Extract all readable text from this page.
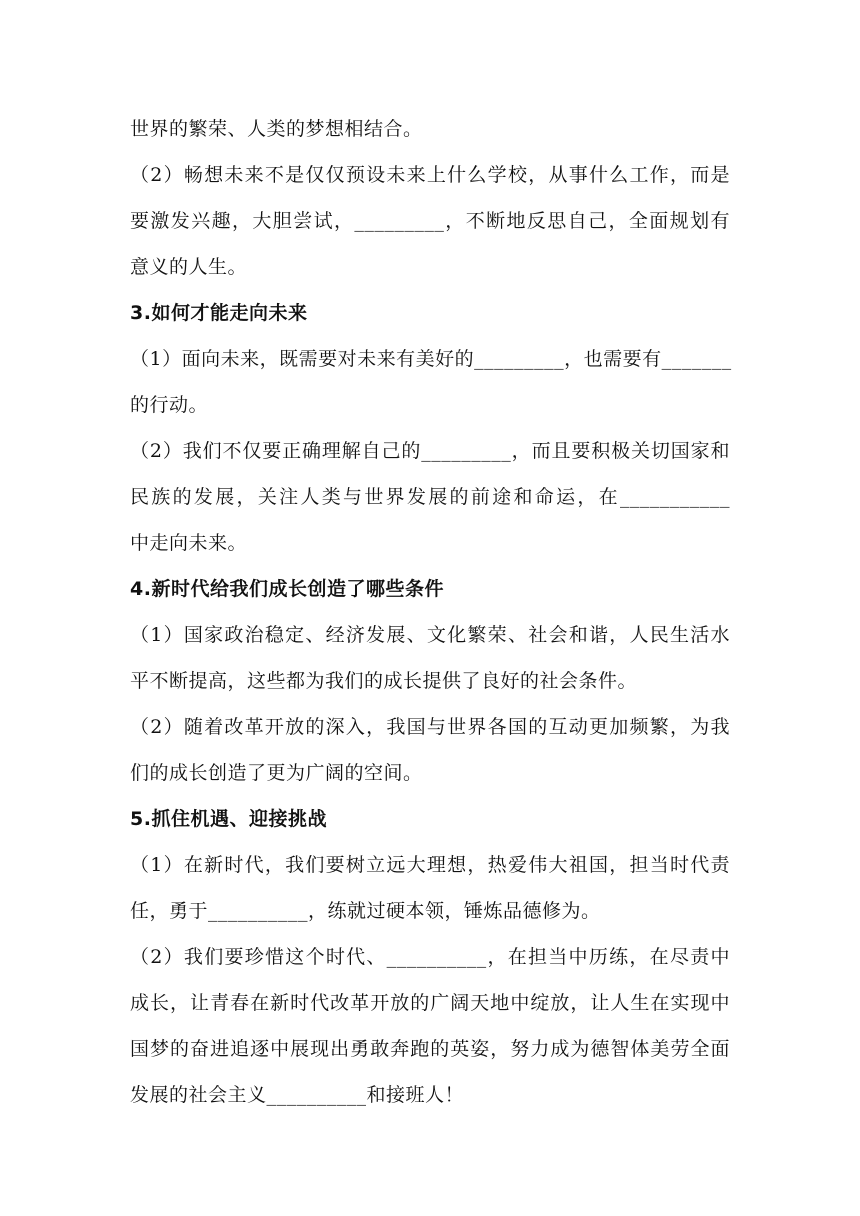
世界的繁荣、人类的梦想相结合。
（2）畅想未来不是仅仅预设未来上什么学校，从事什么工作，而是
要激发兴趣，大胆尝试，_________，不断地反思自己，全面规划有
意义的人生。
3.如何才能走向未来
（1）面向未来，既需要对未来有美好的_________，也需要有_______
的行动。
（2）我们不仅要正确理解自己的_________，而且要积极关切国家和
民族的发展，关注人类与世界发展的前途和命运，在___________
中走向未来。
4.新时代给我们成长创造了哪些条件
（1）国家政治稳定、经济发展、文化繁荣、社会和谐，人民生活水
平不断提高，这些都为我们的成长提供了良好的社会条件。
（2）随着改革开放的深入，我国与世界各国的互动更加频繁，为我
们的成长创造了更为广阔的空间。
5.抓住机遇、迎接挑战
（1）在新时代，我们要树立远大理想，热爱伟大祖国，担当时代责
任，勇于__________，练就过硬本领，锤炼品德修为。
（2）我们要珍惜这个时代、__________，在担当中历练，在尽责中
成长，让青春在新时代改革开放的广阔天地中绽放，让人生在实现中
国梦的奋进追逐中展现出勇敢奔跑的英姿，努力成为德智体美劳全面
发展的社会主义__________和接班人！
